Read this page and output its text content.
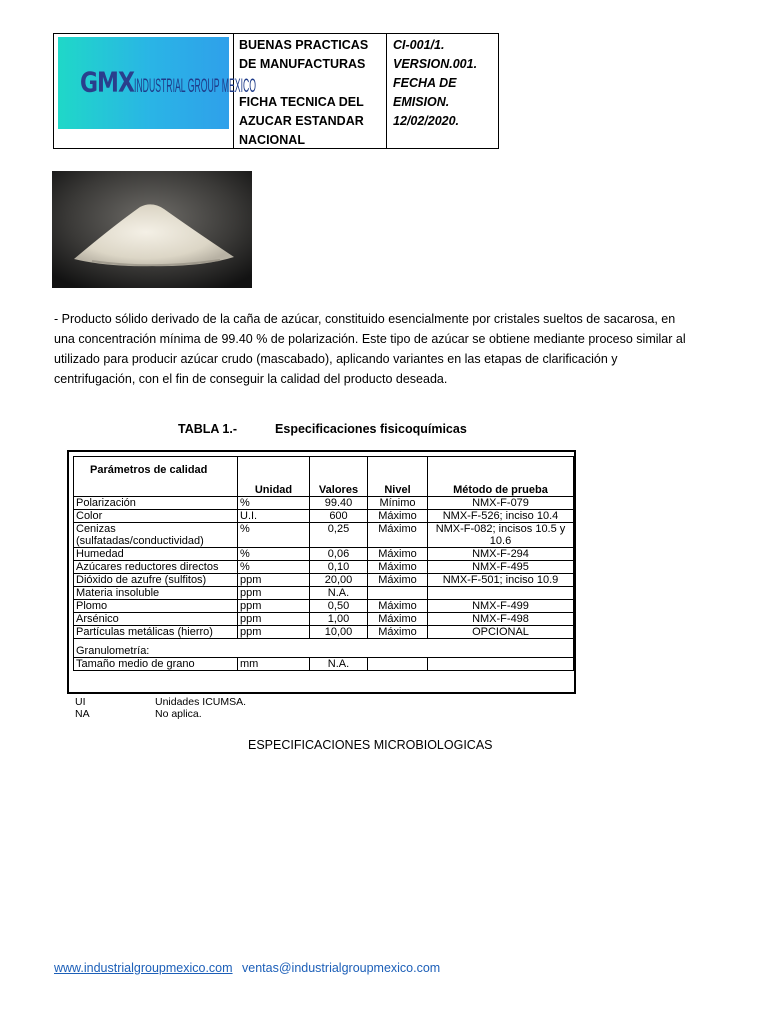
GMX INDUSTRIAL GROUP MEXICO
BUENAS PRACTICAS
DE MANUFACTURAS
FICHA TECNICA DEL
AZUCAR ESTANDAR
NACIONAL
CI-001/1.
VERSION.001.
FECHA DE
EMISION.
12/02/2020.
- Producto sólido derivado de la caña de azúcar, constituido esencialmente por cristales sueltos de sacarosa, en una concentración mínima de 99.40 % de polarización. Este tipo de azúcar se obtiene mediante proceso similar al utilizado para producir azúcar crudo (mascabado), aplicando variantes en las etapas de clarificación y centrifugación, con el fin de conseguir la calidad del producto deseada.
TABLA 1.-	Especificaciones fisicoquímicas
Parámetros de calidad	Unidad	Valores	Nivel	Método de prueba
Polarización	%	99.40	Mínimo	NMX-F-079
Color	U.I.	600	Máximo	NMX-F-526; inciso 10.4
Cenizas (sulfatadas/conductividad)	%	0,25	Máximo	NMX-F-082; incisos 10.5 y 10.6
Humedad	%	0,06	Máximo	NMX-F-294
Azúcares reductores directos	%	0,10	Máximo	NMX-F-495
Dióxido de azufre (sulfitos)	ppm	20,00	Máximo	NMX-F-501; inciso 10.9
Materia insoluble	ppm	N.A.		
Plomo	ppm	0,50	Máximo	NMX-F-499
Arsénico	ppm	1,00	Máximo	NMX-F-498
Partículas metálicas (hierro)	ppm	10,00	Máximo	OPCIONAL

Granulometría:				
Tamaño medio de grano	mm	N.A.		
UI	Unidades ICUMSA.
NA	No aplica.
ESPECIFICACIONES MICROBIOLOGICAS
www.industrialgroupmexico.com ventas@industrialgroupmexico.com
